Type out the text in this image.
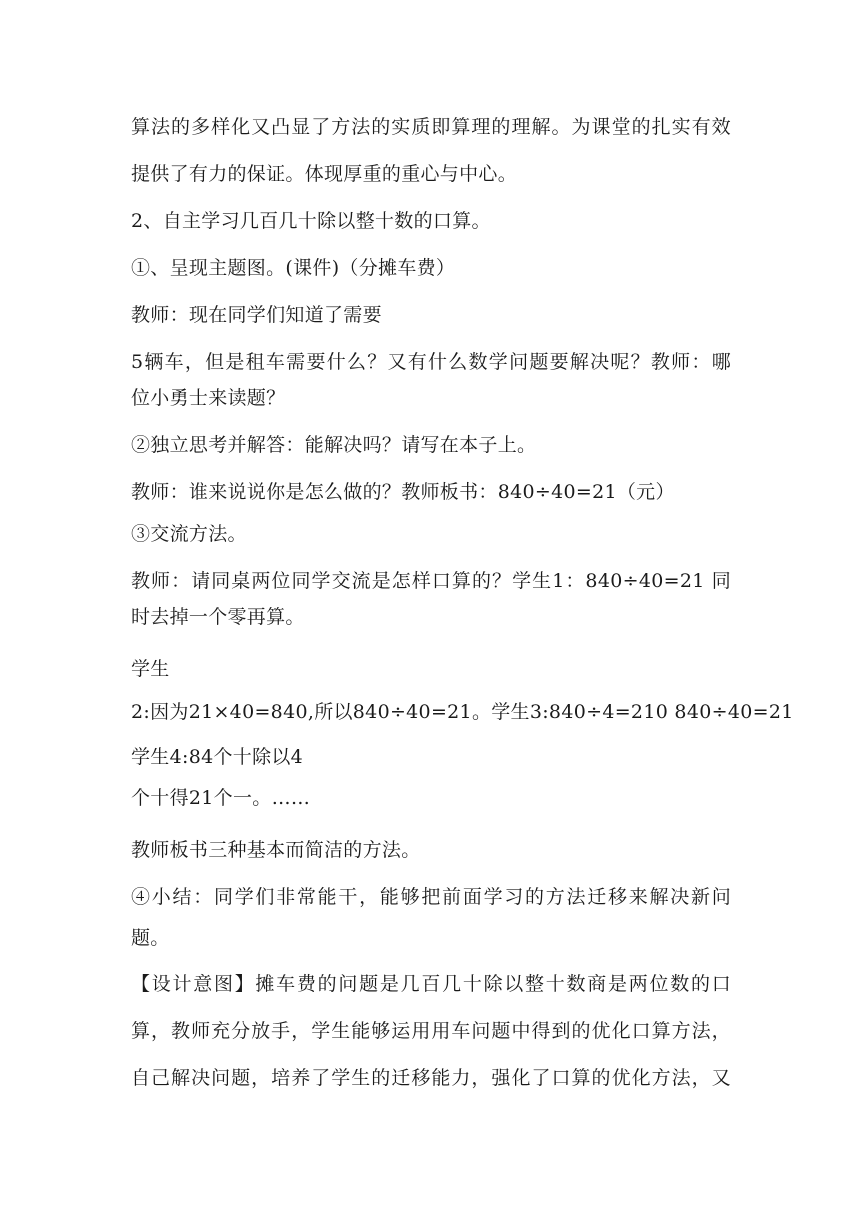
算法的多样化又凸显了方法的实质即算理的理解。为课堂的扎实有效
提供了有力的保证。体现厚重的重心与中心。
2、自主学习几百几十除以整十数的口算。
①、呈现主题图。(课件)（分摊车费）
教师：现在同学们知道了需要
5辆车，但是租车需要什么？又有什么数学问题要解决呢？教师：哪
位小勇士来读题？
②独立思考并解答：能解决吗？请写在本子上。
教师：谁来说说你是怎么做的？教师板书：840÷40=21（元）
③交流方法。
教师：请同桌两位同学交流是怎样口算的？学生1：840÷40=21 同
时去掉一个零再算。
学生
2:因为21×40=840,所以840÷40=21。学生3:840÷4=210 840÷40=21
学生4:84个十除以4
个十得21个一。……
教师板书三种基本而简洁的方法。
④小结：同学们非常能干，能够把前面学习的方法迁移来解决新问
题。
【设计意图】摊车费的问题是几百几十除以整十数商是两位数的口
算，教师充分放手，学生能够运用用车问题中得到的优化口算方法，
自己解决问题，培养了学生的迁移能力，强化了口算的优化方法，又
